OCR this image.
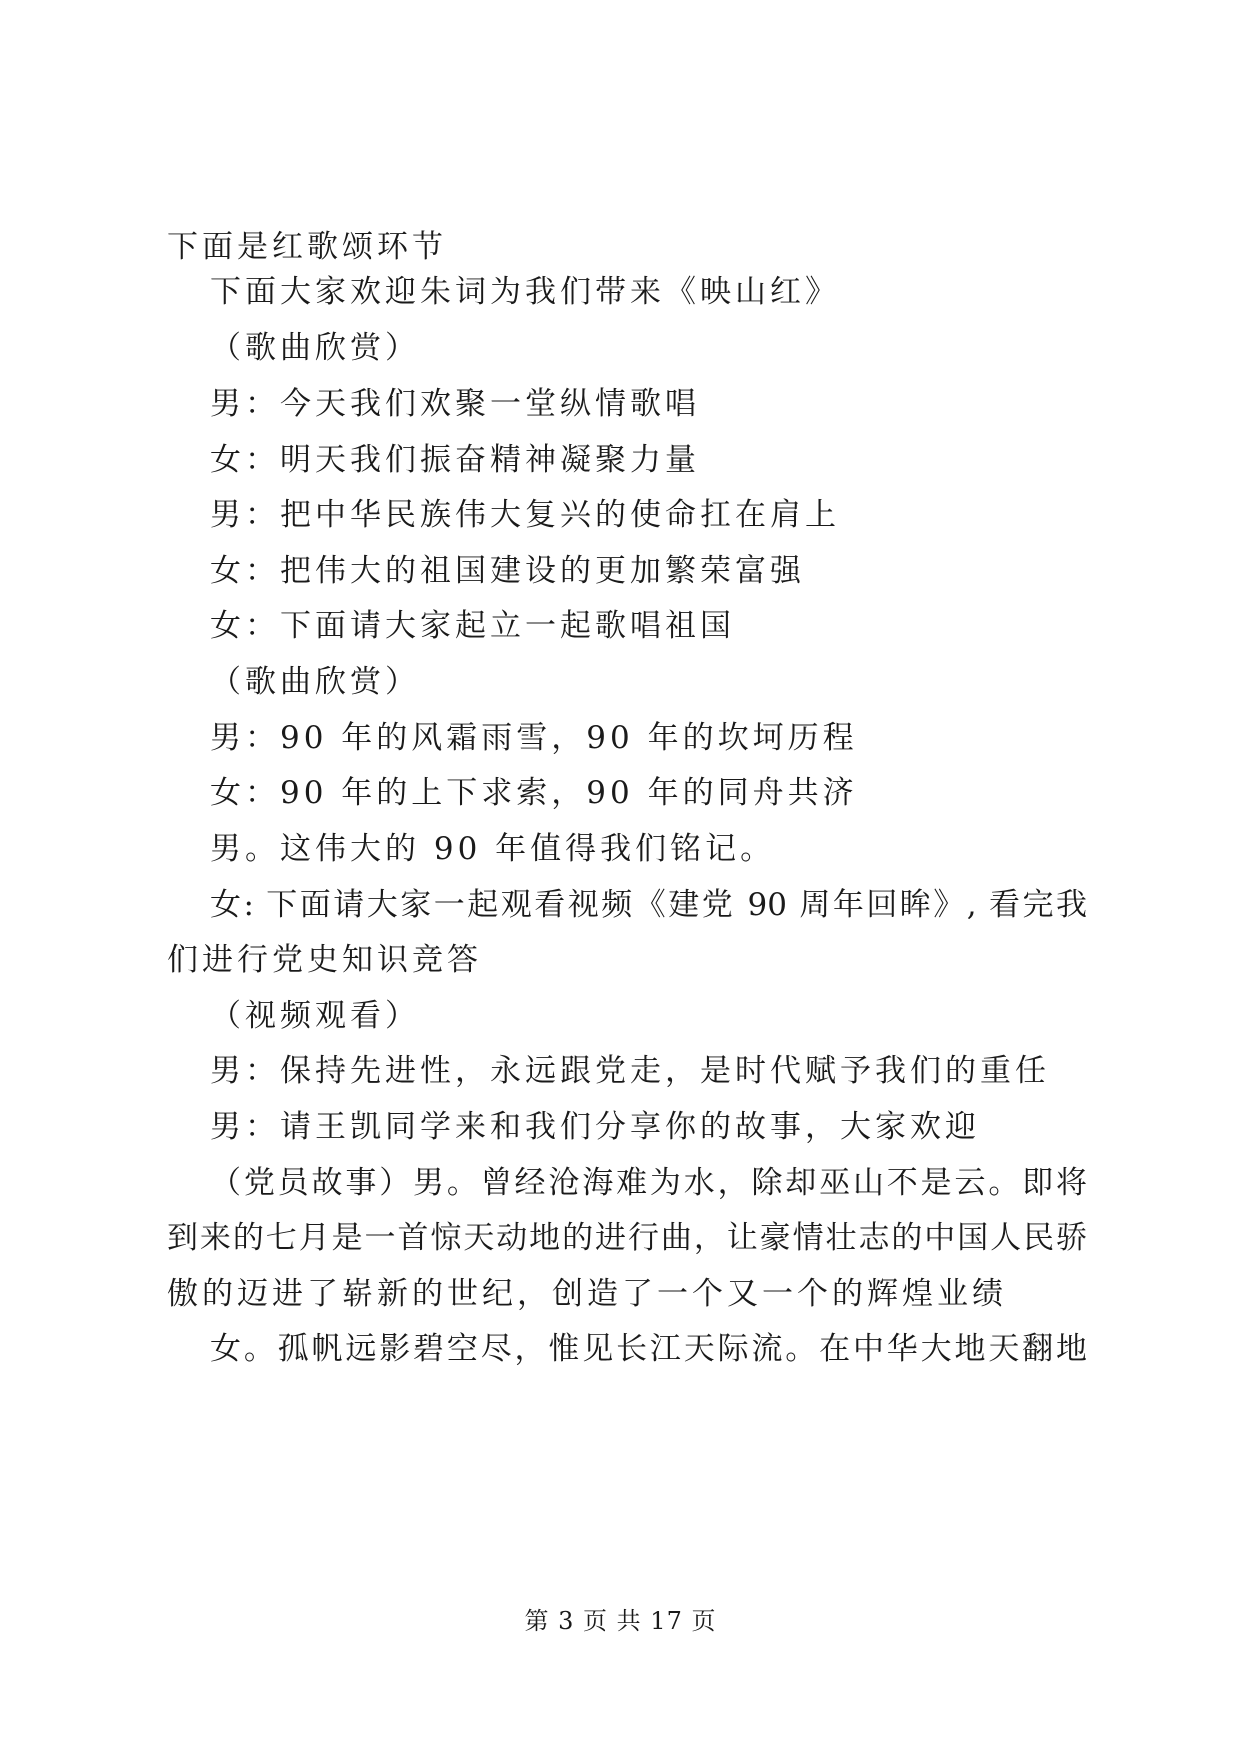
下面是红歌颂环节
下面大家欢迎朱词为我们带来《映山红》
（歌曲欣赏）
男：今天我们欢聚一堂纵情歌唱
女：明天我们振奋精神凝聚力量
男：把中华民族伟大复兴的使命扛在肩上
女：把伟大的祖国建设的更加繁荣富强
女：下面请大家起立一起歌唱祖国
（歌曲欣赏）
男：90 年的风霜雨雪，90 年的坎坷历程
女：90 年的上下求索，90 年的同舟共济
男。这伟大的 90 年值得我们铭记。
女: 下面请大家一起观看视频《建党 90 周年回眸》, 看完我
们进行党史知识竞答
（视频观看）
男：保持先进性，永远跟党走，是时代赋予我们的重任
男：请王凯同学来和我们分享你的故事，大家欢迎
（党员故事）男。曾经沧海难为水，除却巫山不是云。即将
到来的七月是一首惊天动地的进行曲，让豪情壮志的中国人民骄
傲的迈进了崭新的世纪，创造了一个又一个的辉煌业绩
女。孤帆远影碧空尽，惟见长江天际流。在中华大地天翻地
第 3 页 共 17 页
